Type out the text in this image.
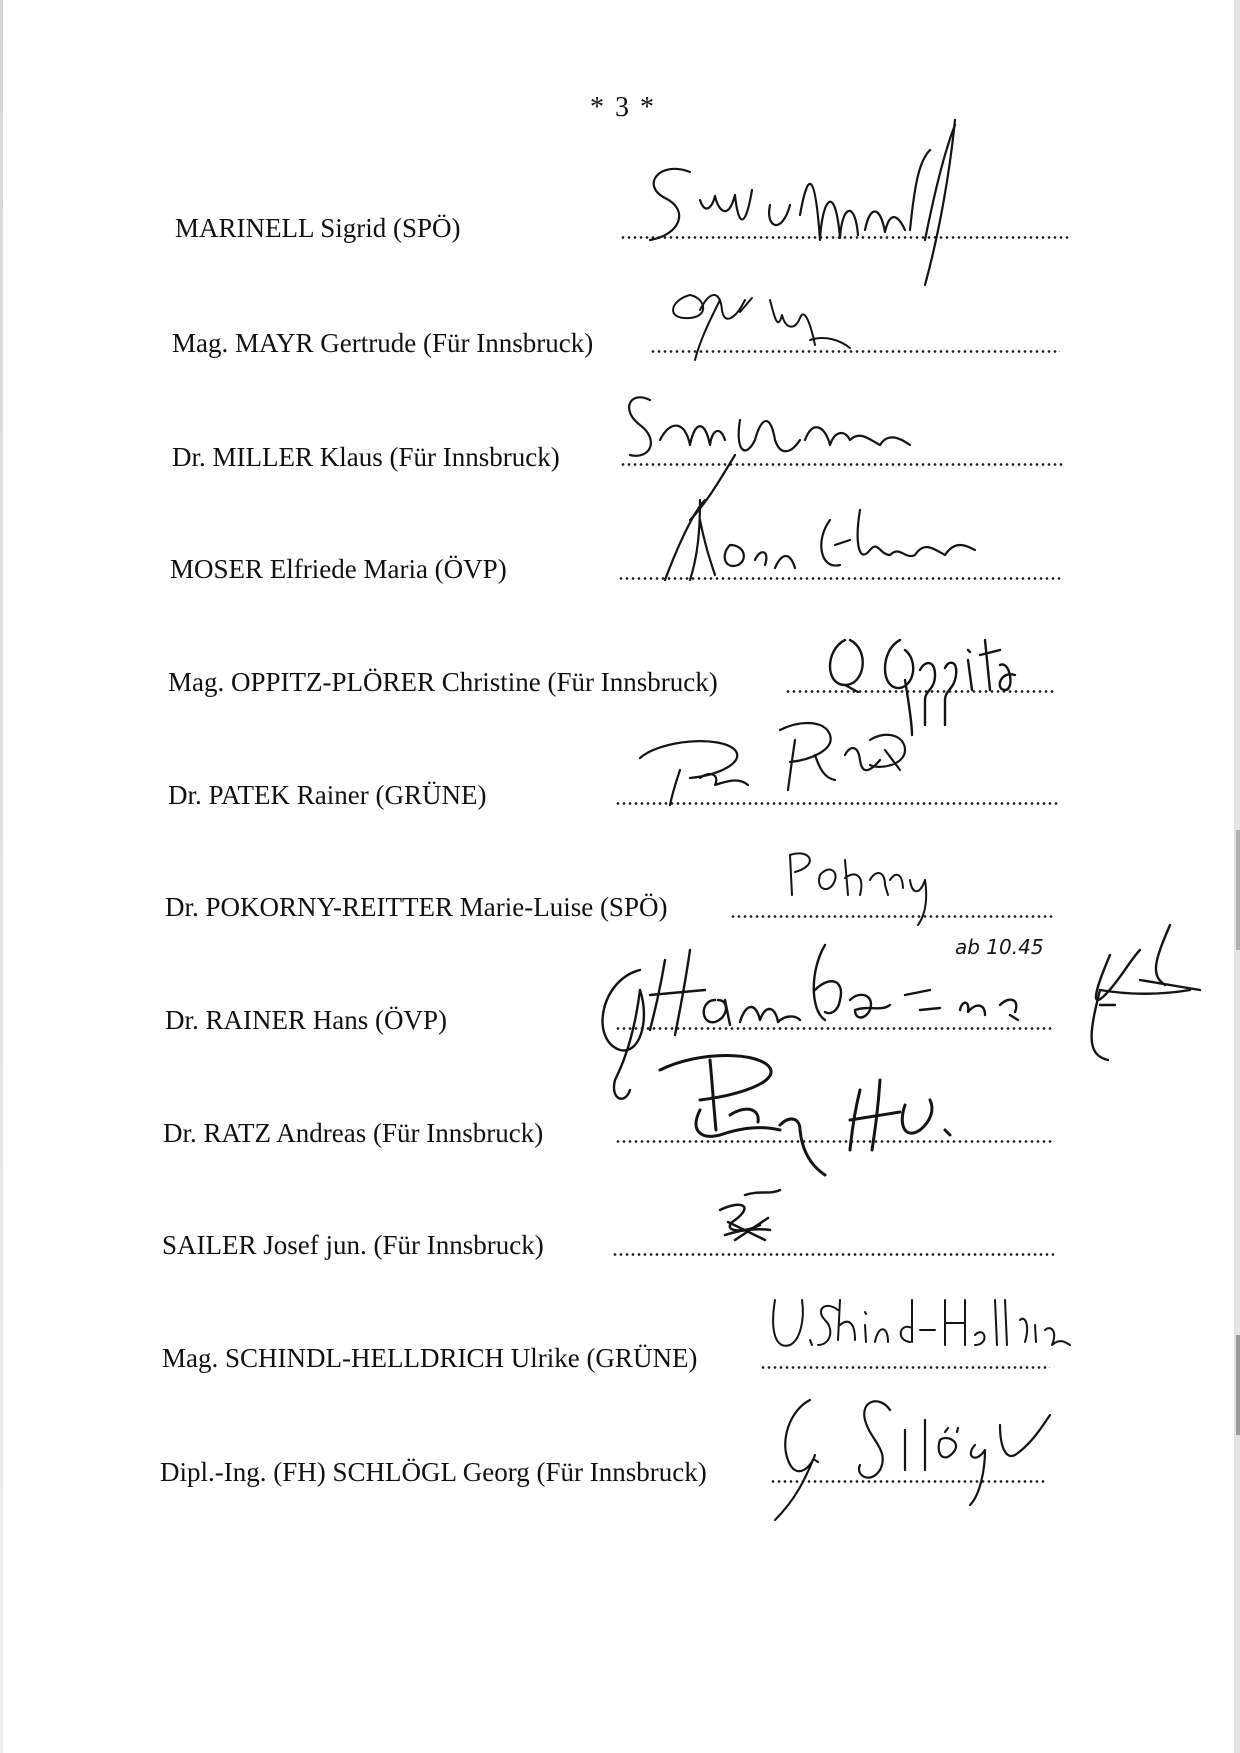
* 3 *
MARINELL Sigrid (SPÖ)
Mag. MAYR Gertrude (Für Innsbruck)
Dr. MILLER Klaus (Für Innsbruck)
MOSER Elfriede Maria (ÖVP)
Mag. OPPITZ-PLÖRER Christine (Für Innsbruck)
Dr. PATEK Rainer (GRÜNE)
Dr. POKORNY-REITTER Marie-Luise (SPÖ)
Dr. RAINER Hans (ÖVP)
Dr. RATZ Andreas (Für Innsbruck)
SAILER Josef jun. (Für Innsbruck)
Mag. SCHINDL-HELLDRICH Ulrike (GRÜNE)
Dipl.-Ing. (FH) SCHLÖGL Georg (Für Innsbruck)
ab 10.45
